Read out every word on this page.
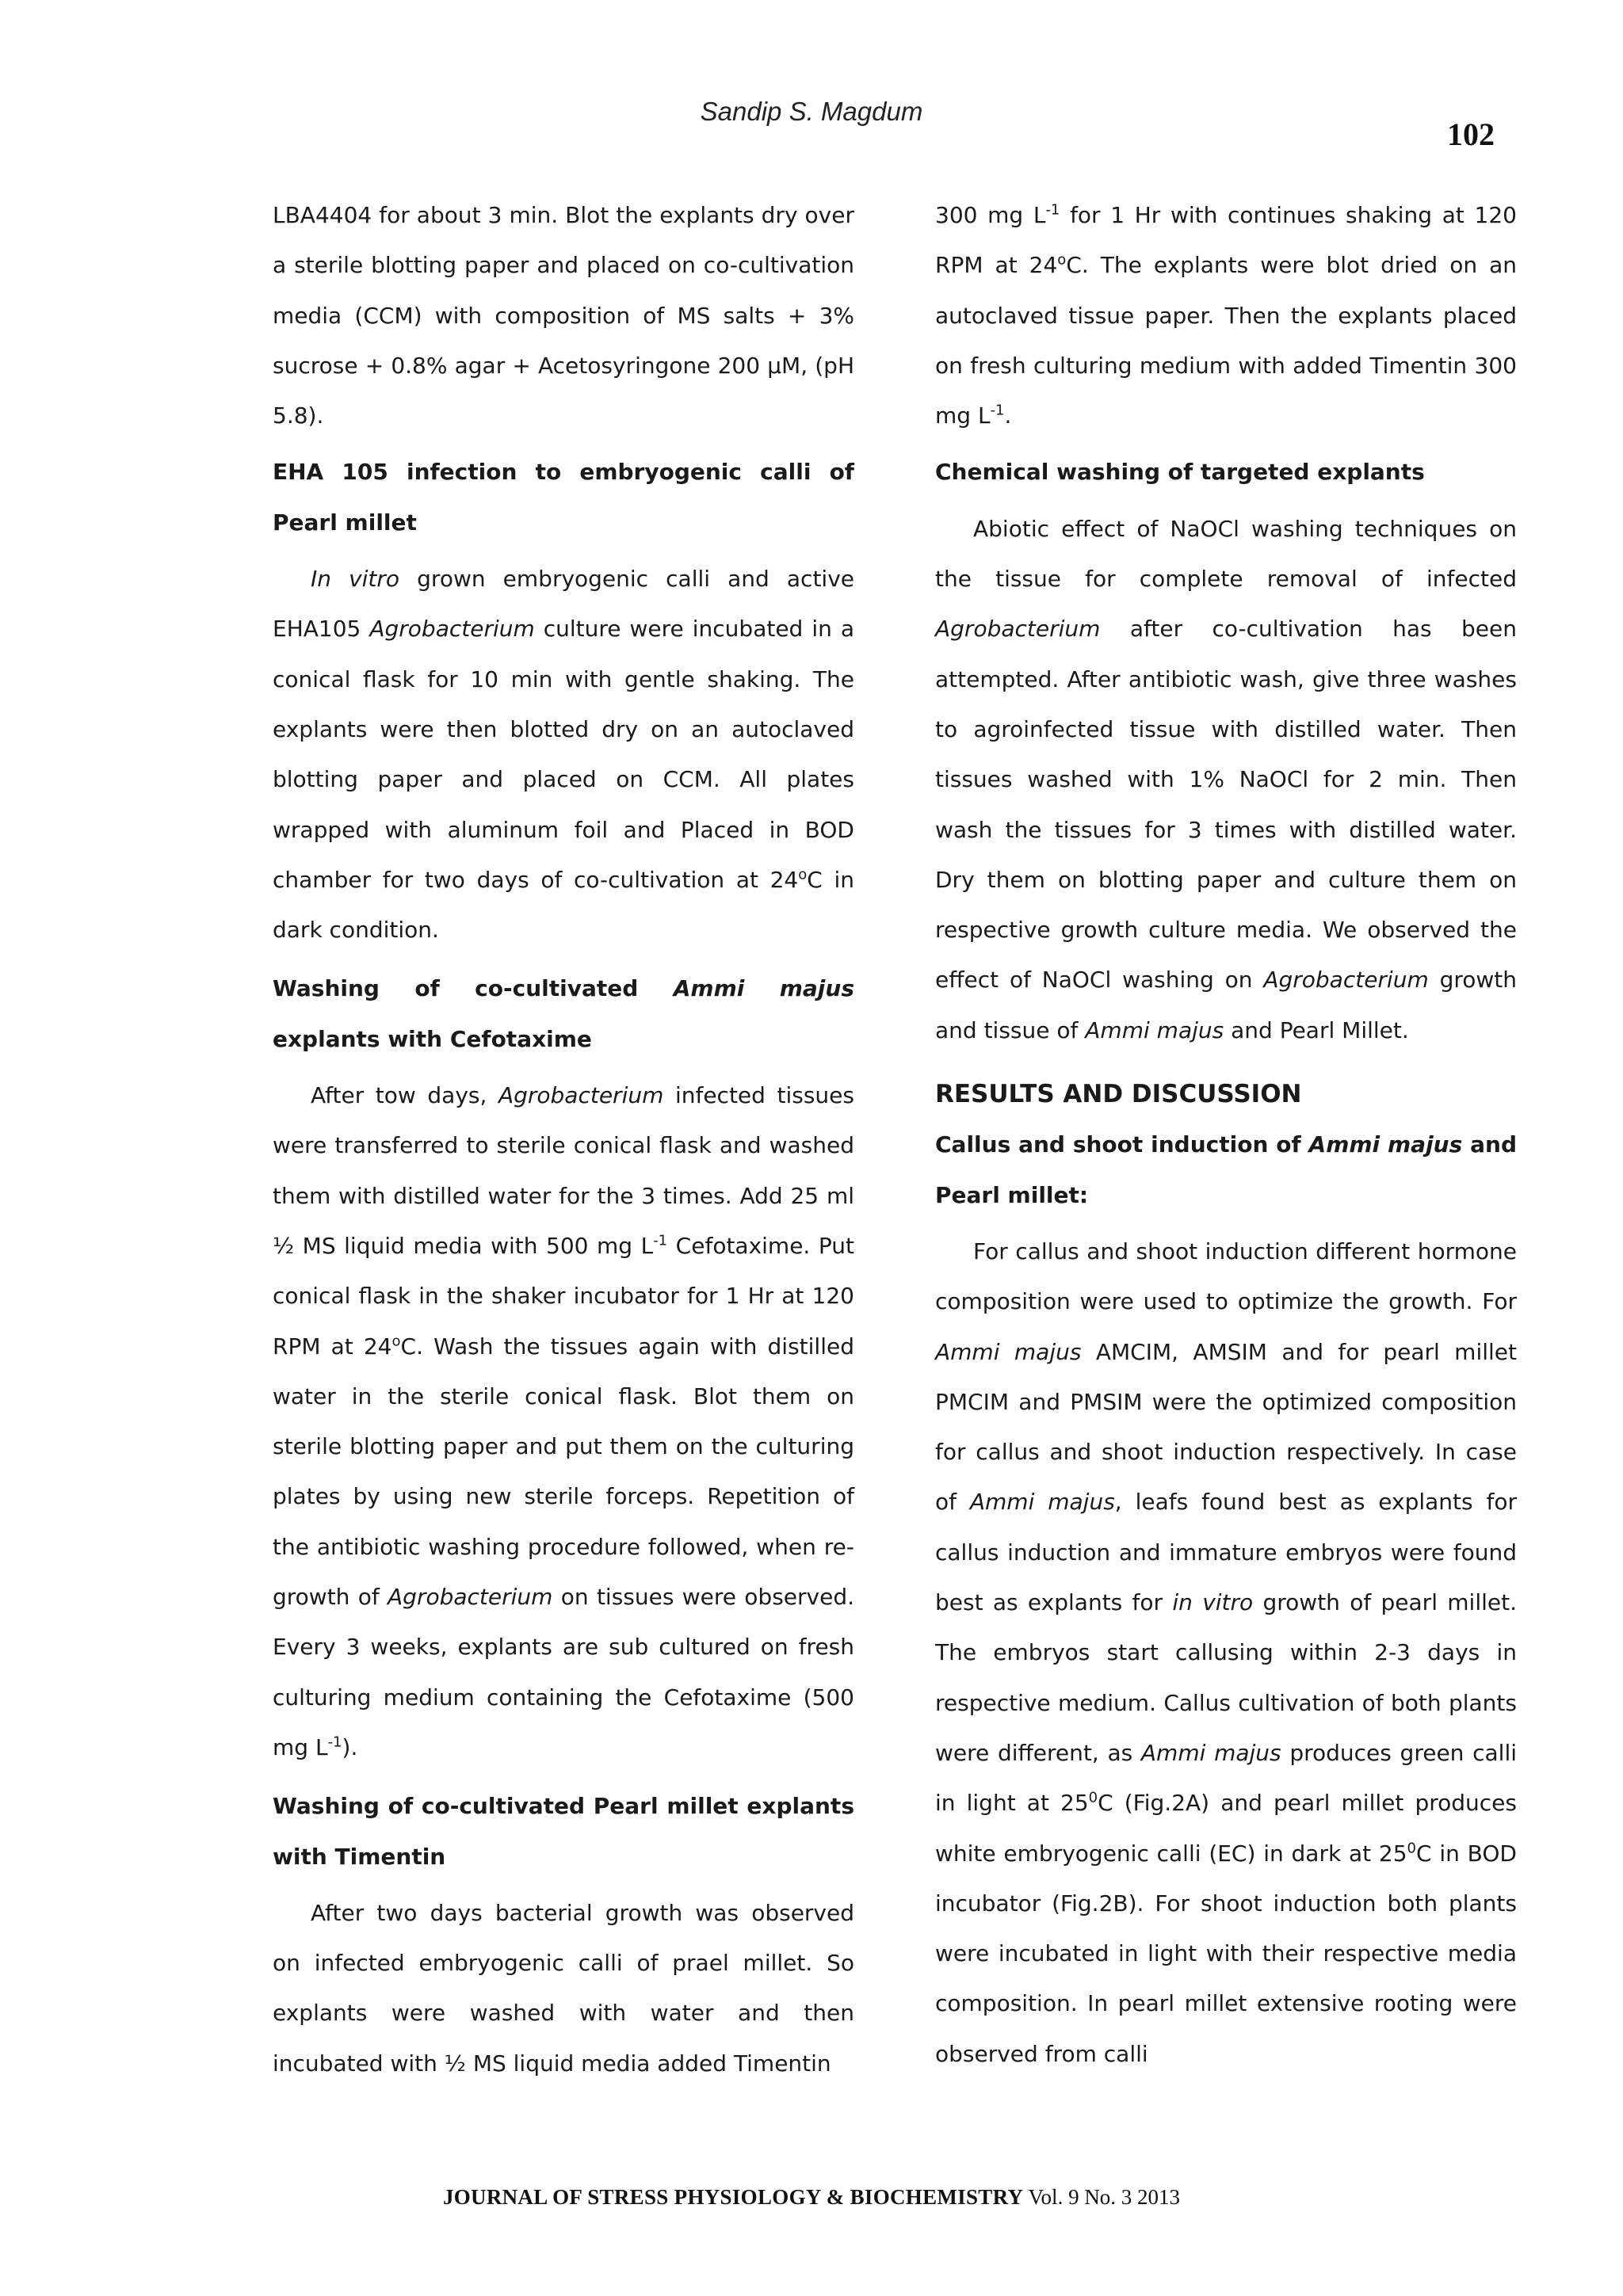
Sandip S. Magdum
102

LBA4404 for about 3 min. Blot the explants dry over a sterile blotting paper and placed on co-cultivation media (CCM) with composition of MS salts + 3% sucrose + 0.8% agar + Acetosyringone 200 µM, (pH 5.8).

EHA 105 infection to embryogenic calli of Pearl millet

In vitro grown embryogenic calli and active EHA105 Agrobacterium culture were incubated in a conical flask for 10 min with gentle shaking. The explants were then blotted dry on an autoclaved blotting paper and placed on CCM. All plates wrapped with aluminum foil and Placed in BOD chamber for two days of co-cultivation at 24$^o$C in dark condition.

Washing of co-cultivated Ammi majus explants with Cefotaxime

After tow days, Agrobacterium infected tissues were transferred to sterile conical flask and washed them with distilled water for the 3 times. Add 25 ml ½ MS liquid media with 500 mg $L^{-1}$ Cefotaxime. Put conical flask in the shaker incubator for 1 Hr at 120 RPM at 24$^o$C. Wash the tissues again with distilled water in the sterile conical flask. Blot them on sterile blotting paper and put them on the culturing plates by using new sterile forceps. Repetition of the antibiotic washing procedure followed, when re-growth of Agrobacterium on tissues were observed. Every 3 weeks, explants are sub cultured on fresh culturing medium containing the Cefotaxime (500 mg $L^{-1}$).

Washing of co-cultivated Pearl millet explants with Timentin

After two days bacterial growth was observed on infected embryogenic calli of prael millet. So explants were washed with water and then incubated with ½ MS liquid media added Timentin

300 mg $L^{-1}$ for 1 Hr with continues shaking at 120 RPM at 24$^o$C. The explants were blot dried on an autoclaved tissue paper. Then the explants placed on fresh culturing medium with added Timentin 300 mg $L^{-1}$.

Chemical washing of targeted explants

Abiotic effect of NaOCl washing techniques on the tissue for complete removal of infected Agrobacterium after co-cultivation has been attempted. After antibiotic wash, give three washes to agroinfected tissue with distilled water. Then tissues washed with 1% NaOCl for 2 min. Then wash the tissues for 3 times with distilled water. Dry them on blotting paper and culture them on respective growth culture media. We observed the effect of NaOCl washing on Agrobacterium growth and tissue of Ammi majus and Pearl Millet.

RESULTS AND DISCUSSION

Callus and shoot induction of Ammi majus and Pearl millet:

For callus and shoot induction different hormone composition were used to optimize the growth. For Ammi majus AMCIM, AMSIM and for pearl millet PMCIM and PMSIM were the optimized composition for callus and shoot induction respectively. In case of Ammi majus, leafs found best as explants for callus induction and immature embryos were found best as explants for in vitro growth of pearl millet. The embryos start callusing within 2-3 days in respective medium. Callus cultivation of both plants were different, as Ammi majus produces green calli in light at $25^0C$ (Fig.2A) and pearl millet produces white embryogenic calli (EC) in dark at $25^0C$ in BOD incubator (Fig.2B). For shoot induction both plants were incubated in light with their respective media composition. In pearl millet extensive rooting were observed from calli

JOURNAL OF STRESS PHYSIOLOGY & BIOCHEMISTRY Vol. 9 No. 3 2013
